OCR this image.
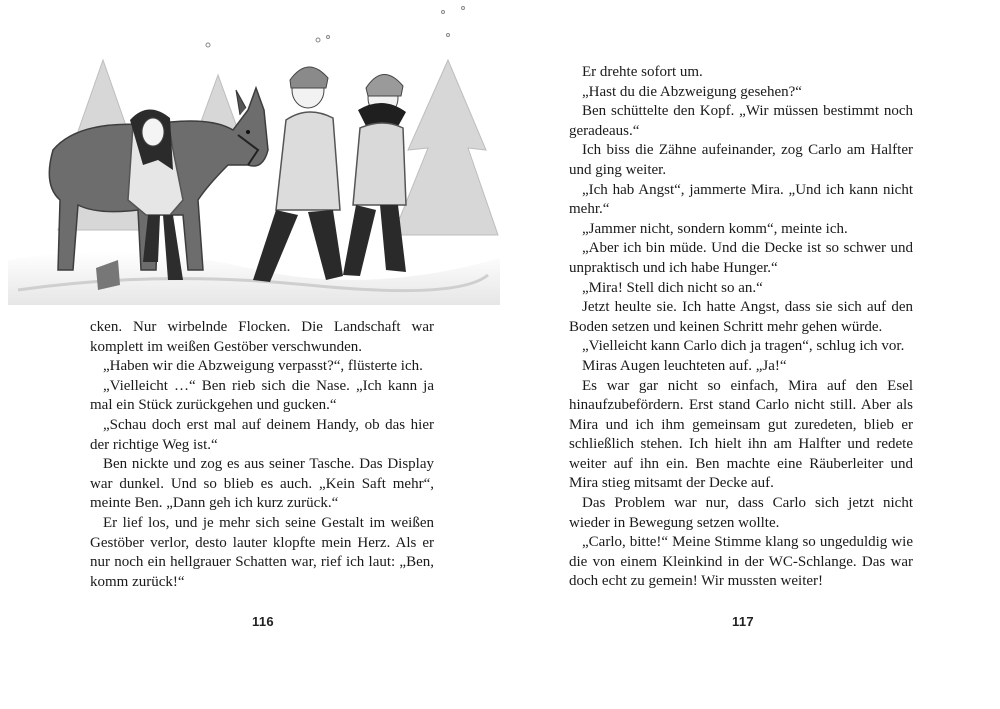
cken. Nur wirbelnde Flocken. Die Landschaft war komplett im weißen Gestöber verschwunden.

„Haben wir die Abzweigung verpasst?“, flüsterte ich.

„Vielleicht …“ Ben rieb sich die Nase. „Ich kann ja mal ein Stück zurückgehen und gucken.“

„Schau doch erst mal auf deinem Handy, ob das hier der richtige Weg ist.“

Ben nickte und zog es aus seiner Tasche. Das Display war dunkel. Und so blieb es auch. „Kein Saft mehr“, meinte Ben. „Dann geh ich kurz zurück.“

Er lief los, und je mehr sich seine Gestalt im weißen Gestöber verlor, desto lauter klopfte mein Herz. Als er nur noch ein hellgrauer Schatten war, rief ich laut: „Ben, komm zurück!“

116

Er drehte sofort um.

„Hast du die Abzweigung gesehen?“

Ben schüttelte den Kopf. „Wir müssen bestimmt noch geradeaus.“

Ich biss die Zähne aufeinander, zog Carlo am Halfter und ging weiter.

„Ich hab Angst“, jammerte Mira. „Und ich kann nicht mehr.“

„Jammer nicht, sondern komm“, meinte ich.

„Aber ich bin müde. Und die Decke ist so schwer und unpraktisch und ich habe Hunger.“

„Mira! Stell dich nicht so an.“

Jetzt heulte sie. Ich hatte Angst, dass sie sich auf den Boden setzen und keinen Schritt mehr gehen würde.

„Vielleicht kann Carlo dich ja tragen“, schlug ich vor.

Miras Augen leuchteten auf. „Ja!“

Es war gar nicht so einfach, Mira auf den Esel hinaufzubefördern. Erst stand Carlo nicht still. Aber als Mira und ich ihm gemeinsam gut zuredeten, blieb er schließlich stehen. Ich hielt ihn am Halfter und redete weiter auf ihn ein. Ben machte eine Räuberleiter und Mira stieg mitsamt der Decke auf.

Das Problem war nur, dass Carlo sich jetzt nicht wieder in Bewegung setzen wollte.

„Carlo, bitte!“ Meine Stimme klang so ungeduldig wie die von einem Kleinkind in der WC-Schlange. Das war doch echt zu gemein! Wir mussten weiter!

117
